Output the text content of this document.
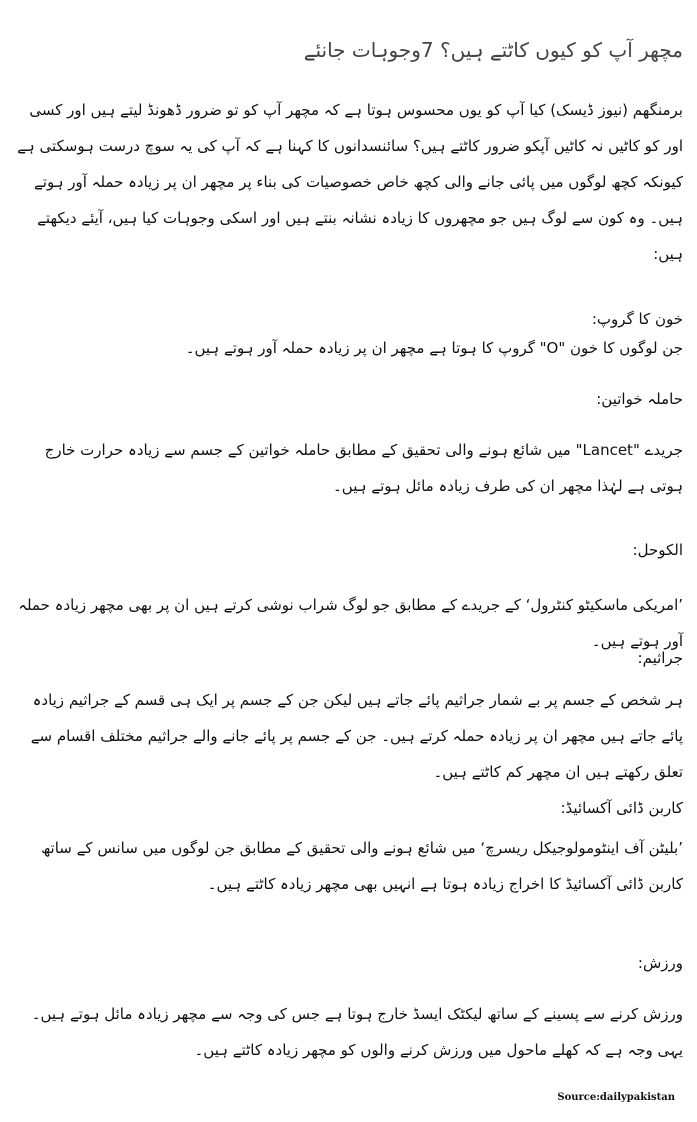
مچھر آپ کو کیوں کاٹتے ہیں؟ 7وجوہات جانئے
برمنگھم (نیوز ڈیسک) کیا آپ کو یوں محسوس ہوتا ہے کہ مچھر آپ کو تو ضرور ڈھونڈ لیتے ہیں اور کسی اور کو کاٹیں نہ کاٹیں آپکو ضرور کاٹتے ہیں؟ سائنسدانوں کا کہنا ہے کہ آپ کی یہ سوچ درست ہوسکتی ہے کیونکہ کچھ لوگوں میں پائی جانے والی کچھ خاص خصوصیات کی بناء پر مچھر ان پر زیادہ حملہ آور ہوتے ہیں۔ وہ کون سے لوگ ہیں جو مچھروں کا زیادہ نشانہ بنتے ہیں اور اسکی وجوہات کیا ہیں، آیئے دیکھتے ہیں:
خون کا گروپ:
جن لوگوں کا خون "O" گروپ کا ہوتا ہے مچھر ان پر زیادہ حملہ آور ہوتے ہیں۔
حاملہ خواتین:
جریدے "Lancet" میں شائع ہونے والی تحقیق کے مطابق حاملہ خواتین کے جسم سے زیادہ حرارت خارج ہوتی ہے لہٰذا مچھر ان کی طرف زیادہ مائل ہوتے ہیں۔
الکوحل:
’امریکی ماسکیٹو کنٹرول‘ کے جریدے کے مطابق جو لوگ شراب نوشی کرتے ہیں ان پر بھی مچھر زیادہ حملہ آور ہوتے ہیں۔
جراثیم:
ہر شخص کے جسم پر بے شمار جراثیم پائے جاتے ہیں لیکن جن کے جسم پر ایک ہی قسم کے جراثیم زیادہ پائے جاتے ہیں مچھر ان پر زیادہ حملہ کرتے ہیں۔ جن کے جسم پر پائے جانے والے جراثیم مختلف اقسام سے تعلق رکھتے ہیں ان مچھر کم کاٹتے ہیں۔
کاربن ڈائی آکسائیڈ:
’بلیٹن آف اینٹومولوجیکل ریسرچ‘ میں شائع ہونے والی تحقیق کے مطابق جن لوگوں میں سانس کے ساتھ کاربن ڈائی آکسائیڈ کا اخراج زیادہ ہوتا ہے انہیں بھی مچھر زیادہ کاٹتے ہیں۔
ورزش:
ورزش کرنے سے پسینے کے ساتھ لیکٹک ایسڈ خارج ہوتا ہے جس کی وجہ سے مچھر زیادہ مائل ہوتے ہیں۔ یہی وجہ ہے کہ کھلے ماحول میں ورزش کرنے والوں کو مچھر زیادہ کاٹتے ہیں۔
Source:dailypakistan
